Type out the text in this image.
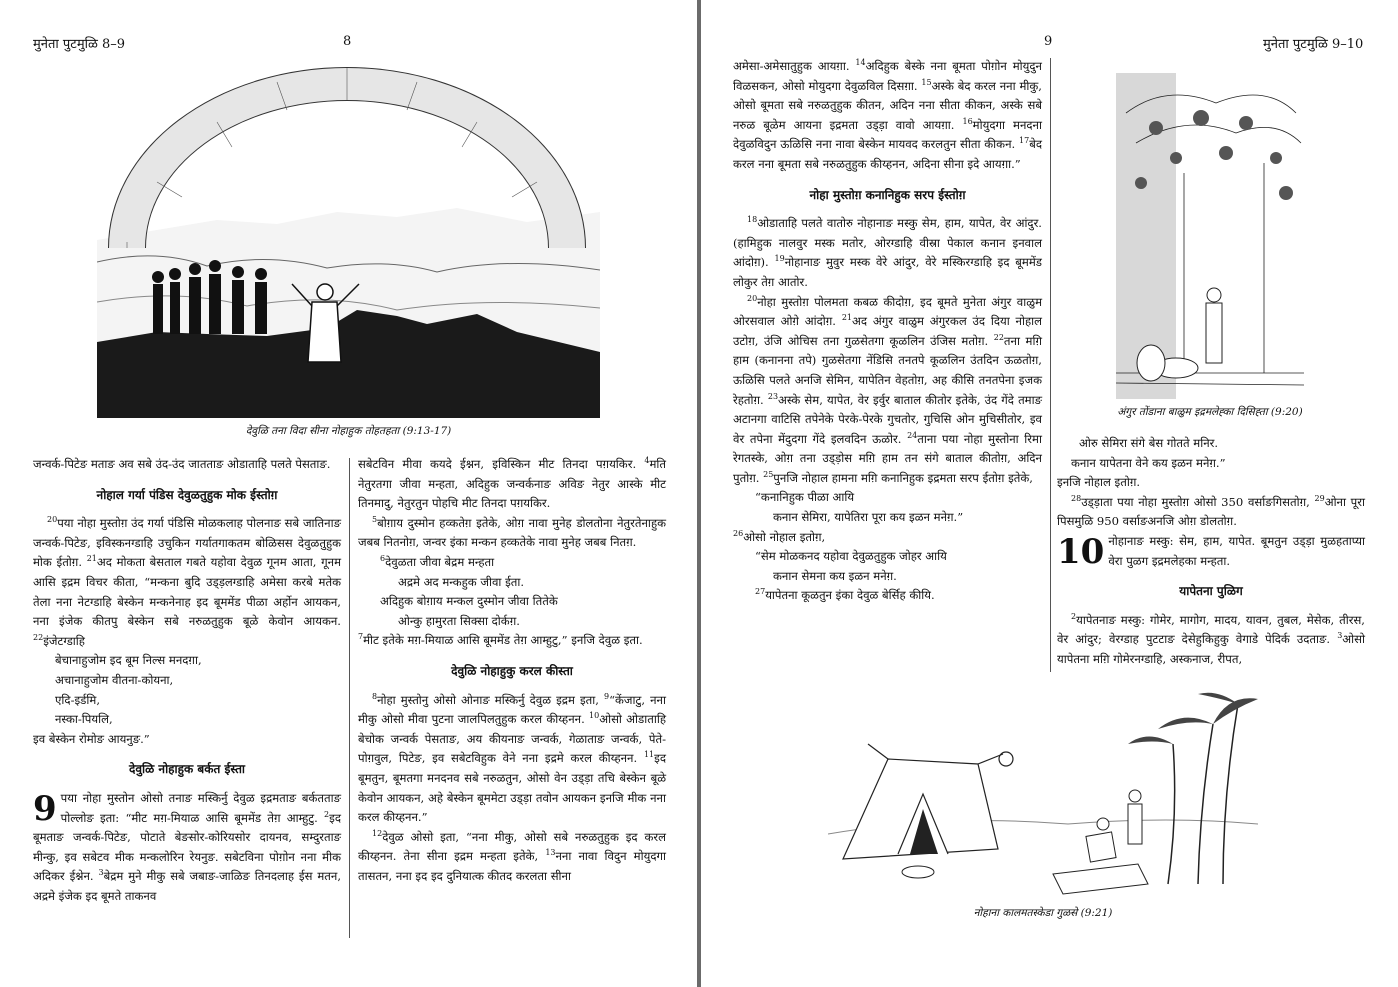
मुनेता पुटमुळि 8–9	8
देवुळि तना विदा सीना नोहाहुक तोहतहता (9:13-17)

जन्वर्क-पिटेङ मताङ अव सबे उंद-उंद जातताङ ओडाताहि पलते पेसताङ.

नोहाल गर्या पंडिस देवुळतुहुक मोक ईस्तोग़

$^{20}$पया नोहा मुस्तोग़ उंद गर्या पंडिसि मोळकलाह पोलनाङ सबे जातिनाङ जन्वर्क-पिटेङ, इविस्कनग्डाहि उचुकिन गर्यातगाकतम बोळिसस देवुळतुहुक मोक ईतोग़. $^{21}$अद मोकता बेसताल गबते यहोवा देवुळ गूनम आता, गूनम आसि इद्रम विचर कीता, “मन्कना बुदि उड्ड़लग्डाहि अमेसा करबे मतेक तेला नना नेटग्डाहि बेस्केन मन्कनेनाह इद बूममेंड पीळा अर्होन आयकन, नना इंजेक कीतपु बेस्केन सबे नरुळतुहुक बूळे केवोन आयकन. $^{22}$इंजेटग्डाहि

बेचानाहुजोम इद बूम निल्स मनदग़ा,

अचानाहुजोम वीतना-कोयना,

एदि-इर्डमि,

नस्का-पियलि,

इव बेस्केन रोमोङ आयनुङ.”

देवुळि नोहाहुक बर्कत ईस्ता

9 पया नोहा मुस्तोन ओसो तनाङ मस्किर्नु देवुळ इद्रमताङ बर्कतताङ पोल्लोङ इता: “मीट मग़-मियाळ आसि बूममेंड तेग़ आम्हुटु. $^2$इद बूमताङ जन्वर्क-पिटेङ, पोटाते बेङसोर-कोरियसोर दायनव, सम्दुरताङ मीन्कु, इव सबेटव मीक मन्कलोरिन रेयनुङ. सबेटविना पोग़ोन नना मीक अदिकर ईश्नेन. $^3$बेद्रम मुने मीकु सबे जबाङ-जाळिङ तिनदलाह ईस मतन, अद्रमे इंजेक इद बूमते ताकनव

सबेटविन मीवा कयदे ईश्नन, इविस्किन मीट तिनदा पग़यकिर. $^4$मति नेतुरतगा जीवा मन्हता, अदिहुक जन्वर्कनाङ अविङ नेतुर आस्के मीट तिनमादु, नेतुरतुन पोहचि मीट तिनदा पग़यकिर.

$^5$बोग़ाय दुस्मोन हव्कतेग़ इतेके, ओग़ नावा मुनेह डोलतोना नेतुरतेनाहुक जबब नितनोग़, जन्वर इंका मन्कन हव्कतेके नावा मुनेह जबब नितग़.

$^6$देवुळता जीवा बेद्रम मन्हता

अद्रमे अद मन्कहुक जीवा ईता.

अदिहुक बोग़ाय मन्कल दुस्मोन जीवा तितेके

ओन्कु हामुरता सिक्सा दोर्कग़.

$^7$मीट इतेके मग़-मियाळ आसि बूममेंड तेग़ आम्हुटु,” इनजि देवुळ इता.

देवुळि नोहाहुकु करल कीस्ता

$^8$नोहा मुस्तोनु ओसो ओनाङ मस्किर्नु देवुळ इद्रम इता, $^9$“केंजाटु, नना मीकु ओसो मीवा पुटना जालपिलतुहुक करल कीय्हनन. $^{10}$ओसो ओडाताहि बेचोक जन्वर्क पेसताङ, अय कीयनाङ जन्वर्क, गेळाताङ जन्वर्क, पेते-पोग़वुल, पिटेङ, इव सबेटविहुक वेने नना इद्रमे करल कीय्हनन. $^{11}$इद बूमतुन, बूमतगा मनदनव सबे नरुळतुन, ओसो वेन उड्ड़ा तचि बेस्केन बूळे केवोन आयकन, अहे बेस्केन बूममेटा उड्ड़ा तवोन आयकन इनजि मीक नना करल कीय्हनन.”

$^{12}$देवुळ ओसो इता, “नना मीकु, ओसो सबे नरुळतुहुक इद करल कीय्हनन. तेना सीना इद्रम मन्हता इतेके, $^{13}$नना नावा विदुन मोयुदगा तासतन, नना इद इद दुनियात्क कीतद करलता सीना

9	मुनेता पुटमुळि 9–10

अमेसा-अमेसातुहुक आयग़ा. $^{14}$अदिहुक बेस्के नना बूमता पोग़ोन मोयुदुन विळसकन, ओसो मोयुदगा देवुळविल दिसग़ा. $^{15}$अस्के बेद करल नना मीकु, ओसो बूमता सबे नरुळतुहुक कीतन, अदिन नना सीता कीकन, अस्के सबे नरुळ बूळेम आयना इद्रमता उड्ड़ा वावो आयग़ा. $^{16}$मोयुदगा मनदना देवुळविदुन ऊळिसि नना नावा बेस्केन मायवद करलतुन सीता कीकन. $^{17}$बेद करल नना बूमता सबे नरुळतुहुक कीय्हनन, अदिना सीना इदे आयग़ा.”

नोहा मुस्तोग़ कनानिहुक सरप ईस्तोग़

$^{18}$ओडाताहि पलते वातोरु नोहानाङ मस्कु सेम, हाम, यापेत, वेर आंदुर. (हामिहुक नालवुर मस्क मतोर, ओरग्डाहि वीस्रा पेकाल कनान इनवाल आंदोग़). $^{19}$नोहानाङ मुवुर मस्क वेरे आंदुर, वेरे मस्किरग्डाहि इद बूममेंड लोकुर तेग़ आतोर.

$^{20}$नोहा मुस्तोग़ पोलमता कबळ कीदोग़, इद बूमते मुनेता अंगुर वाळुम ओरसवाल ओग़े आंदोग़. $^{21}$अद अंगुर वाळुम अंगुरकल उंद दिया नोहाल उटोग़, उंजि ओचिस तना गुळसेतगा कूळलिन उंजिस मतोग़. $^{22}$तना मग़ि हाम (कनानना तपे) गुळसेतगा नेंडिसि तनतपे कूळलिन उंतदिन ऊळतोग़, ऊळिसि पलते अनजि सेमिन, यापेतिन वेहतोग़, अह कीसि तनतपेना इजक रेहतोग़. $^{23}$अस्के सेम, यापेत, वेर इर्वुर बाताल कीतोर इतेके, उंद गेंदे तमाङ अटानगा वाटिसि तपेनेके पेरके-पेरके गुचतोर, गुचिसि ओन मुचिसीतोर, इव वेर तपेना मेंदुदगा गेंदे इलवदिन ऊळोर. $^{24}$ताना पया नोहा मुस्तोना रिमा रेगतस्के, ओग़ तना उड्ड़ोस मग़ि हाम तन संगे बाताल कीतोग़, अदिन पुतोग़. $^{25}$पुनजि नोहाल हामना मग़ि कनानिहुक इद्रमता सरप ईतोग़ इतेके,

“कनानिहुक पीळा आयि

कनान सेमिरा, यापेतिरा पूरा कय इळन मनेग़.”

$^{26}$ओसो नोहाल इतोग़,

“सेम मोळकनद यहोवा देवुळतुहुक जोहर आयि

कनान सेमना कय इळन मनेग़.

$^{27}$यापेतना कूळतुन इंका देवुळ बेर्सिह कीयि.

अंगुर तोंडाना बाळुम इद्रमलेह्का दिसिह्ता (9:20)

ओरु सेमिरा संगे बेस गोतते मनिर.

कनान यापेतना वेने कय इळन मनेग़.”

इनजि नोहाल इतोग़.

$^{28}$उड्ड़ाता पया नोहा मुस्तोग़ ओसो 350 वर्साङगिसतोग़, $^{29}$ओना पूरा पिसमुळि 950 वर्साङअनजि ओग़ डोलतोग़.

10 नोहानाङ मस्कु: सेम, हाम, यापेत. बूमतुन उड्ड़ा मुळहताप्या वेरा पुळग इद्रमलेहका मन्हता.

यापेतना पुळिग

$^2$यापेतनाङ मस्कु: गोमेर, मागोग, मादय, यावन, तुबल, मेसेक, तीरस, वेर आंदुर; वेरग्डाह पुटटाङ देसेहुकिहुकु वेगाडे पेदिर्क उदताङ. $^3$ओसो यापेतना मग़ि गोमेरनग्डाहि, अस्कनाज, रीपत,

नोहाना कालमतस्केडा गुळसे (9:21)
